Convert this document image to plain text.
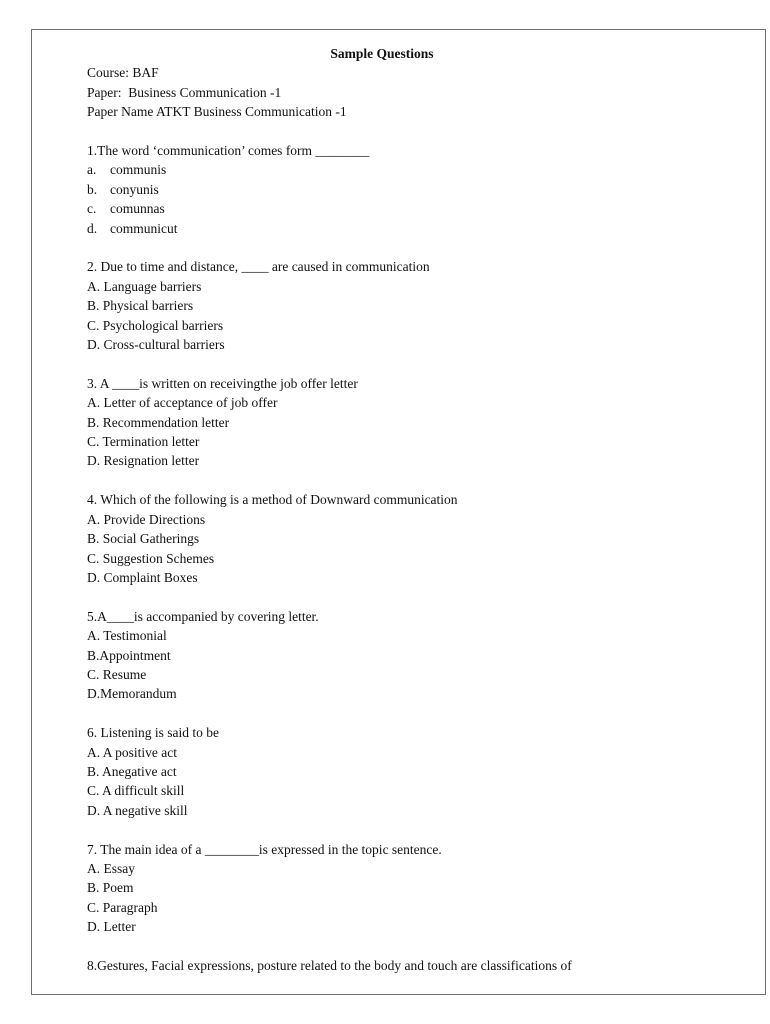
Sample Questions
Course: BAF
Paper:  Business Communication -1
Paper Name ATKT Business Communication -1
1.The word ‘communication’ comes form ________
a. communis
b. conyunis
c. comunnas
d. communicut
2. Due to time and distance, ____ are caused in communication
A. Language barriers
B. Physical barriers
C. Psychological barriers
D. Cross-cultural barriers
3. A ____is written on receivingthe job offer letter
A. Letter of acceptance of job offer
B. Recommendation letter
C. Termination letter
D. Resignation letter
4. Which of the following is a method of Downward communication
A. Provide Directions
B. Social Gatherings
C. Suggestion Schemes
D. Complaint Boxes
5.A____is accompanied by covering letter.
A. Testimonial
B.Appointment
C. Resume
D.Memorandum
6. Listening is said to be
A. A positive act
B. Anegative act
C. A difficult skill
D. A negative skill
7. The main idea of a ________is expressed in the topic sentence.
A. Essay
B. Poem
C. Paragraph
D. Letter
8.Gestures, Facial expressions, posture related to the body and touch are classifications of
